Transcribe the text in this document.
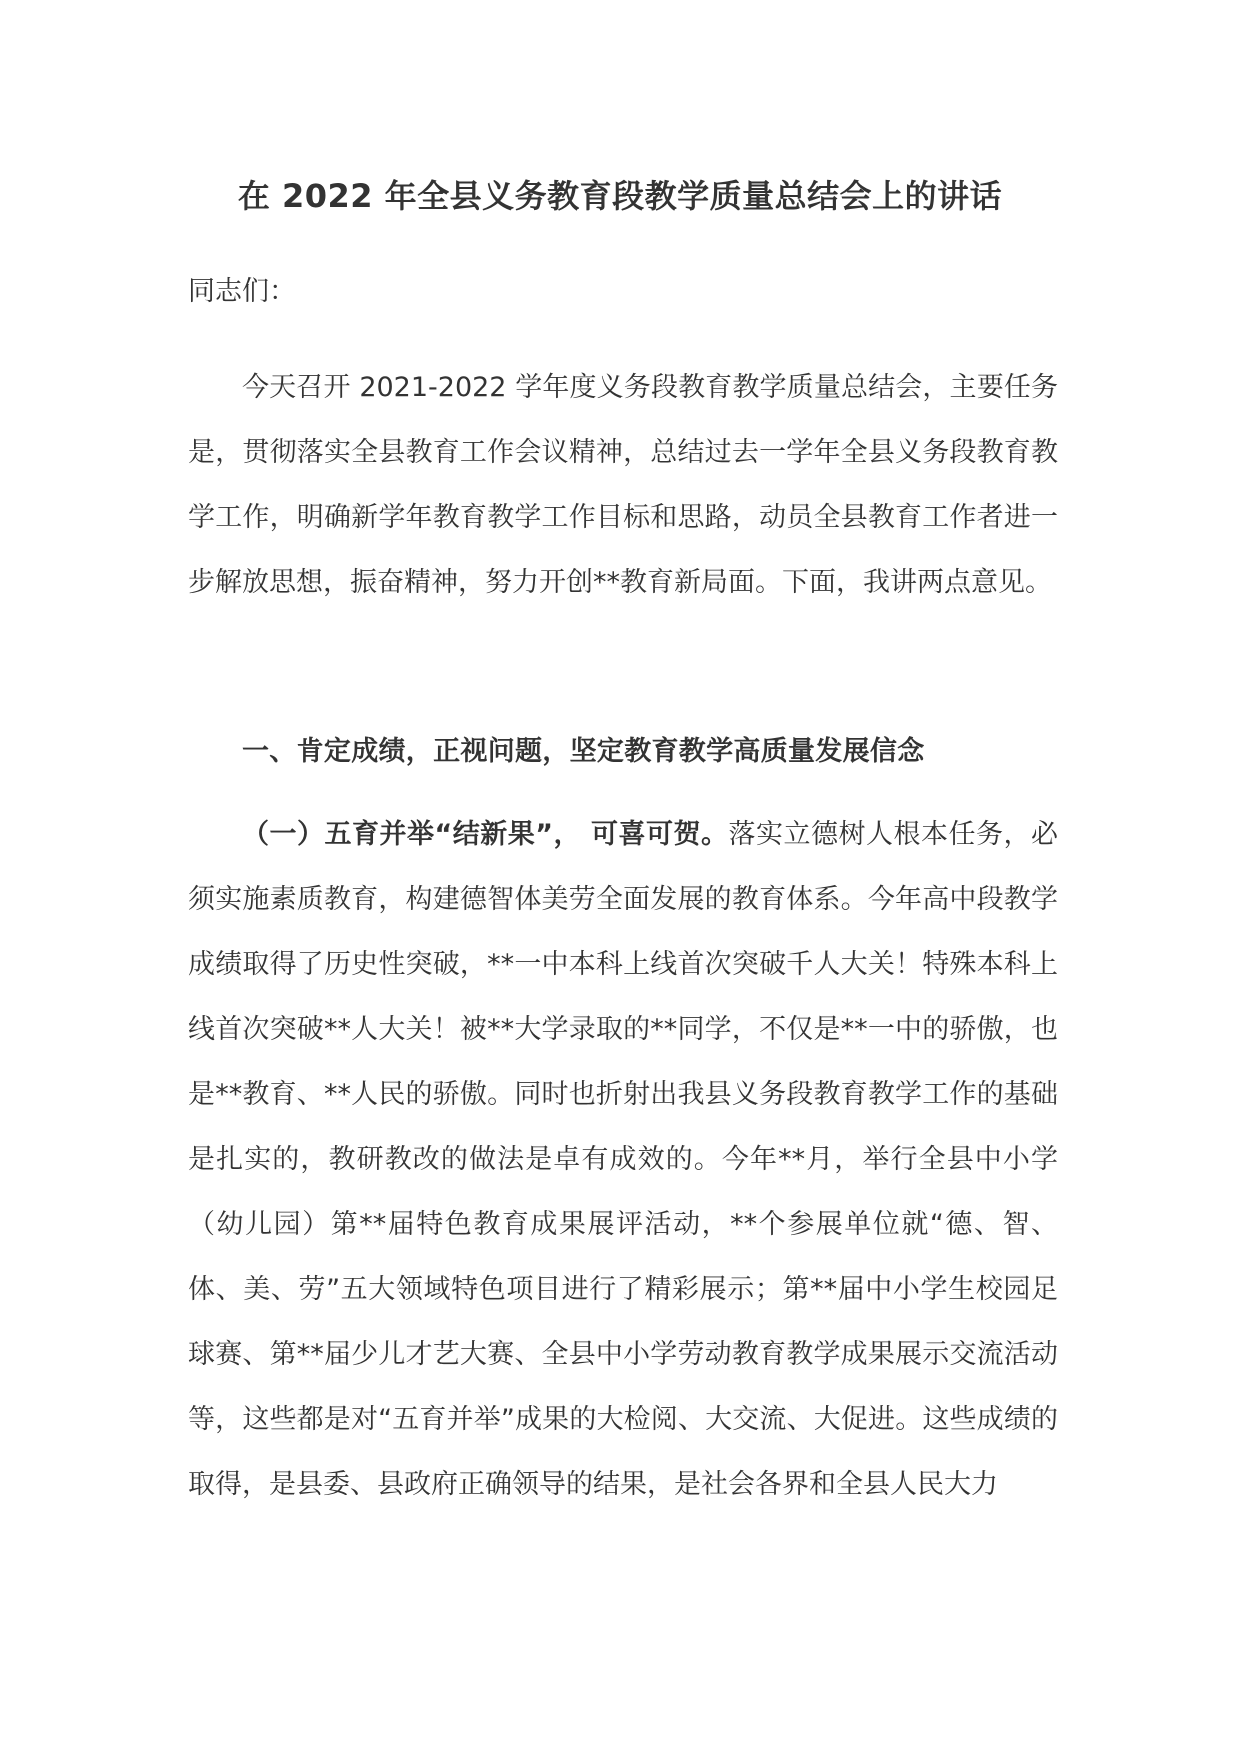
在 2022 年全县义务教育段教学质量总结会上的讲话
同志们：
今天召开 2021-2022 学年度义务段教育教学质量总结会，主要任务是，贯彻落实全县教育工作会议精神，总结过去一学年全县义务段教育教学工作，明确新学年教育教学工作目标和思路，动员全县教育工作者进一步解放思想，振奋精神，努力开创**教育新局面。下面，我讲两点意见。
一、肯定成绩，正视问题，坚定教育教学高质量发展信念
（一）五育并举“结新果”， 可喜可贺。落实立德树人根本任务，必须实施素质教育，构建德智体美劳全面发展的教育体系。今年高中段教学成绩取得了历史性突破，**一中本科上线首次突破千人大关！特殊本科上线首次突破**人大关！被**大学录取的**同学，不仅是**一中的骄傲，也是**教育、**人民的骄傲。同时也折射出我县义务段教育教学工作的基础是扎实的，教研教改的做法是卓有成效的。今年**月，举行全县中小学（幼儿园）第**届特色教育成果展评活动，**个参展单位就“德、智、体、美、劳”五大领域特色项目进行了精彩展示；第**届中小学生校园足球赛、第**届少儿才艺大赛、全县中小学劳动教育教学成果展示交流活动等，这些都是对“五育并举”成果的大检阅、大交流、大促进。这些成绩的取得，是县委、县政府正确领导的结果，是社会各界和全县人民大力
